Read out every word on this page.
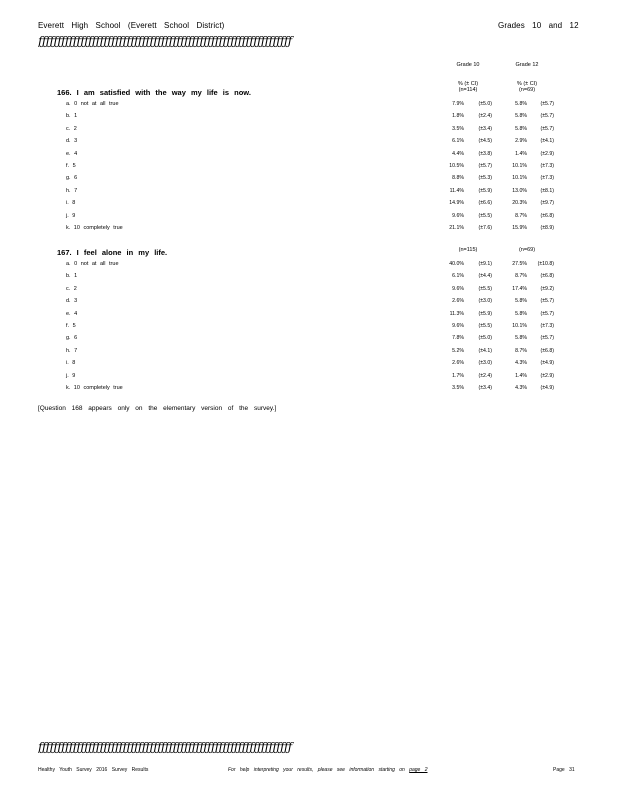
Everett High School (Everett School District)	Grades 10 and 12
ƒƒƒƒƒƒƒƒƒƒƒƒƒƒƒƒƒƒƒƒƒƒƒƒƒƒƒƒƒƒƒƒƒƒƒƒƒƒƒƒƒƒƒƒƒƒƒƒƒƒƒƒƒƒƒƒƒƒƒƒƒƒƒƒƒƒ
Grade 10	Grade 12
166. I am satisfied with the way my life is now.
% (± CI)	% (± CI)
(n=114)	(n=69)
a. 0 not at all true	7.9%	(±5.0)	5.8%	(±5.7)
b. 1	1.8%	(±2.4)	5.8%	(±5.7)
c. 2	3.5%	(±3.4)	5.8%	(±5.7)
d. 3	6.1%	(±4.5)	2.9%	(±4.1)
e. 4	4.4%	(±3.8)	1.4%	(±2.9)
f. 5	10.5%	(±5.7)	10.1%	(±7.3)
g. 6	8.8%	(±5.3)	10.1%	(±7.3)
h. 7	11.4%	(±5.9)	13.0%	(±8.1)
i. 8	14.9%	(±6.6)	20.3%	(±9.7)
j. 9	9.6%	(±5.5)	8.7%	(±6.8)
k. 10 completely true	21.1%	(±7.6)	15.9%	(±8.9)
167. I feel alone in my life.	(n=115)	(n=69)
a. 0 not at all true	40.0%	(±9.1)	27.5%	(±10.8)
b. 1	6.1%	(±4.4)	8.7%	(±6.8)
c. 2	9.6%	(±5.5)	17.4%	(±9.2)
d. 3	2.6%	(±3.0)	5.8%	(±5.7)
e. 4	11.3%	(±5.9)	5.8%	(±5.7)
f. 5	9.6%	(±5.5)	10.1%	(±7.3)
g. 6	7.8%	(±5.0)	5.8%	(±5.7)
h. 7	5.2%	(±4.1)	8.7%	(±6.8)
i. 8	2.6%	(±3.0)	4.3%	(±4.9)
j. 9	1.7%	(±2.4)	1.4%	(±2.9)
k. 10 completely true	3.5%	(±3.4)	4.3%	(±4.9)
[Question 168 appears only on the elementary version of the survey.]
ƒƒƒƒƒƒƒƒƒƒƒƒƒƒƒƒƒƒƒƒƒƒƒƒƒƒƒƒƒƒƒƒƒƒƒƒƒƒƒƒƒƒƒƒƒƒƒƒƒƒƒƒƒƒƒƒƒƒƒƒƒƒƒƒƒƒ
Healthy Youth Survey 2016 Survey Results	For help interpreting your results, please see information starting on page 2	Page 31
